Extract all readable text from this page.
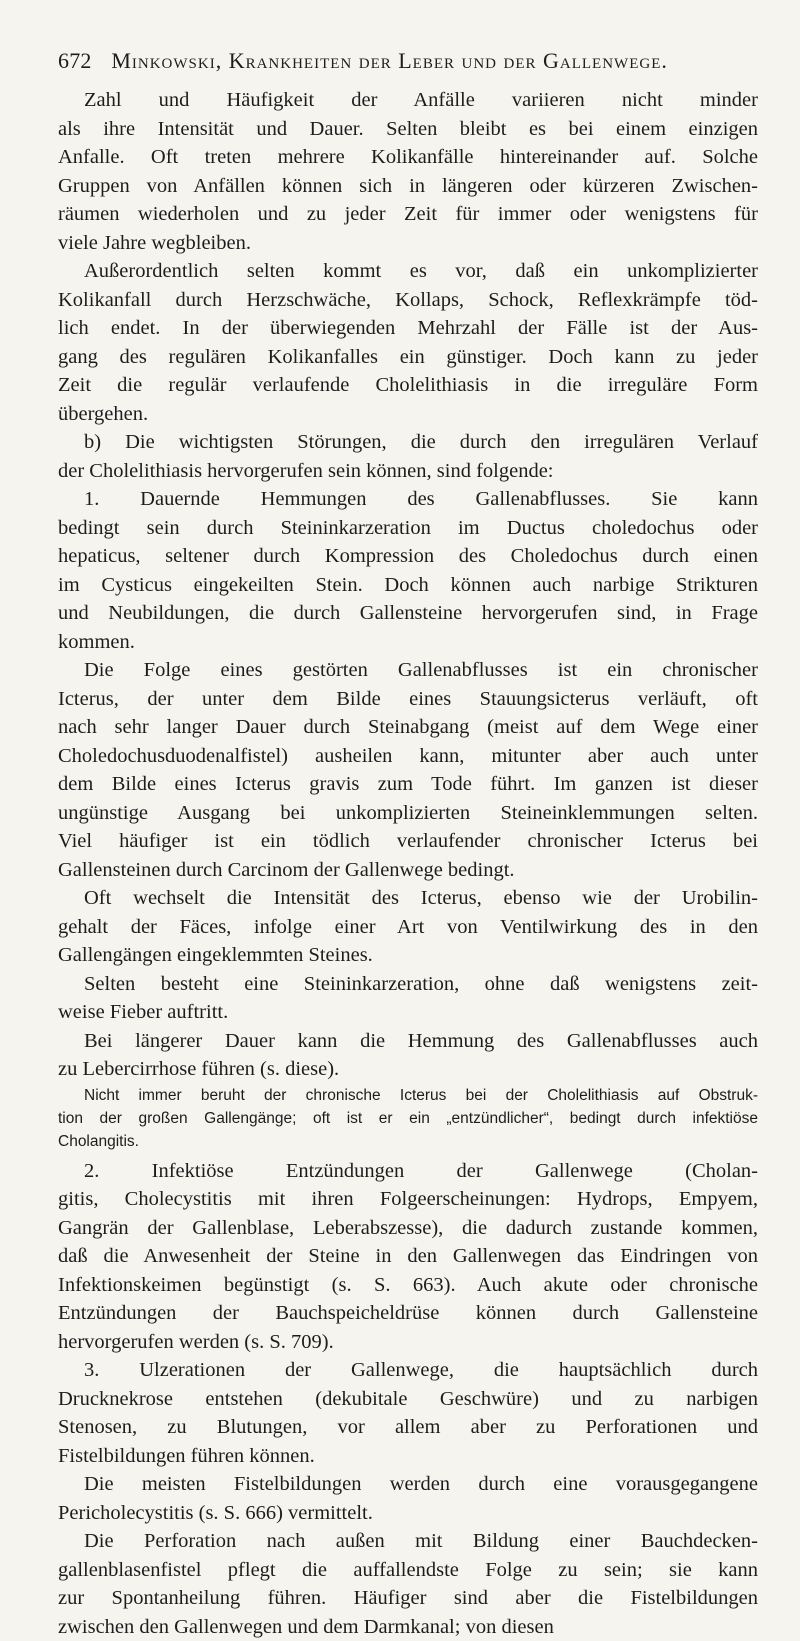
672 Minkowski, Krankheiten der Leber und der Gallenwege.
Zahl und Häufigkeit der Anfälle variieren nicht minder
als ihre Intensität und Dauer. Selten bleibt es bei einem einzigen
Anfalle. Oft treten mehrere Kolikanfälle hintereinander auf. Solche
Gruppen von Anfällen können sich in längeren oder kürzeren Zwischen-
räumen wiederholen und zu jeder Zeit für immer oder wenigstens für
viele Jahre wegbleiben.
Außerordentlich selten kommt es vor, daß ein unkomplizierter
Kolikanfall durch Herzschwäche, Kollaps, Schock, Reflexkrämpfe töd-
lich endet. In der überwiegenden Mehrzahl der Fälle ist der Aus-
gang des regulären Kolikanfalles ein günstiger. Doch kann zu jeder
Zeit die regulär verlaufende Cholelithiasis in die irreguläre Form
übergehen.
b) Die wichtigsten Störungen, die durch den irregulären Verlauf
der Cholelithiasis hervorgerufen sein können, sind folgende:
1. Dauernde Hemmungen des Gallenabflusses. Sie kann
bedingt sein durch Steininkarzeration im Ductus choledochus oder
hepaticus, seltener durch Kompression des Choledochus durch einen
im Cysticus eingekeilten Stein. Doch können auch narbige Strikturen
und Neubildungen, die durch Gallensteine hervorgerufen sind, in Frage
kommen.
Die Folge eines gestörten Gallenabflusses ist ein chronischer
Icterus, der unter dem Bilde eines Stauungsicterus verläuft, oft
nach sehr langer Dauer durch Steinabgang (meist auf dem Wege einer
Choledochusduodenalfistel) ausheilen kann, mitunter aber auch unter
dem Bilde eines Icterus gravis zum Tode führt. Im ganzen ist dieser
ungünstige Ausgang bei unkomplizierten Steineinklemmungen selten.
Viel häufiger ist ein tödlich verlaufender chronischer Icterus bei
Gallensteinen durch Carcinom der Gallenwege bedingt.
Oft wechselt die Intensität des Icterus, ebenso wie der Urobilin-
gehalt der Fäces, infolge einer Art von Ventilwirkung des in den
Gallengängen eingeklemmten Steines.
Selten besteht eine Steininkarzeration, ohne daß wenigstens zeit-
weise Fieber auftritt.
Bei längerer Dauer kann die Hemmung des Gallenabflusses auch
zu Lebercirrhose führen (s. diese).
Nicht immer beruht der chronische Icterus bei der Cholelithiasis auf Obstruk-
tion der großen Gallengänge; oft ist er ein „entzündlicher“, bedingt durch infektiöse
Cholangitis.
2. Infektiöse Entzündungen der Gallenwege (Cholan-
gitis, Cholecystitis mit ihren Folgeerscheinungen: Hydrops, Empyem,
Gangrän der Gallenblase, Leberabszesse), die dadurch zustande kommen,
daß die Anwesenheit der Steine in den Gallenwegen das Eindringen von
Infektionskeimen begünstigt (s. S. 663). Auch akute oder chronische
Entzündungen der Bauchspeicheldrüse können durch Gallensteine
hervorgerufen werden (s. S. 709).
3. Ulzerationen der Gallenwege, die hauptsächlich durch
Drucknekrose entstehen (dekubitale Geschwüre) und zu narbigen
Stenosen, zu Blutungen, vor allem aber zu Perforationen und
Fistelbildungen führen können.
Die meisten Fistelbildungen werden durch eine vorausgegangene
Pericholecystitis (s. S. 666) vermittelt.
Die Perforation nach außen mit Bildung einer Bauchdecken-
gallenblasenfistel pflegt die auffallendste Folge zu sein; sie kann
zur Spontanheilung führen. Häufiger sind aber die Fistelbildungen
zwischen den Gallenwegen und dem Darmkanal; von diesen
